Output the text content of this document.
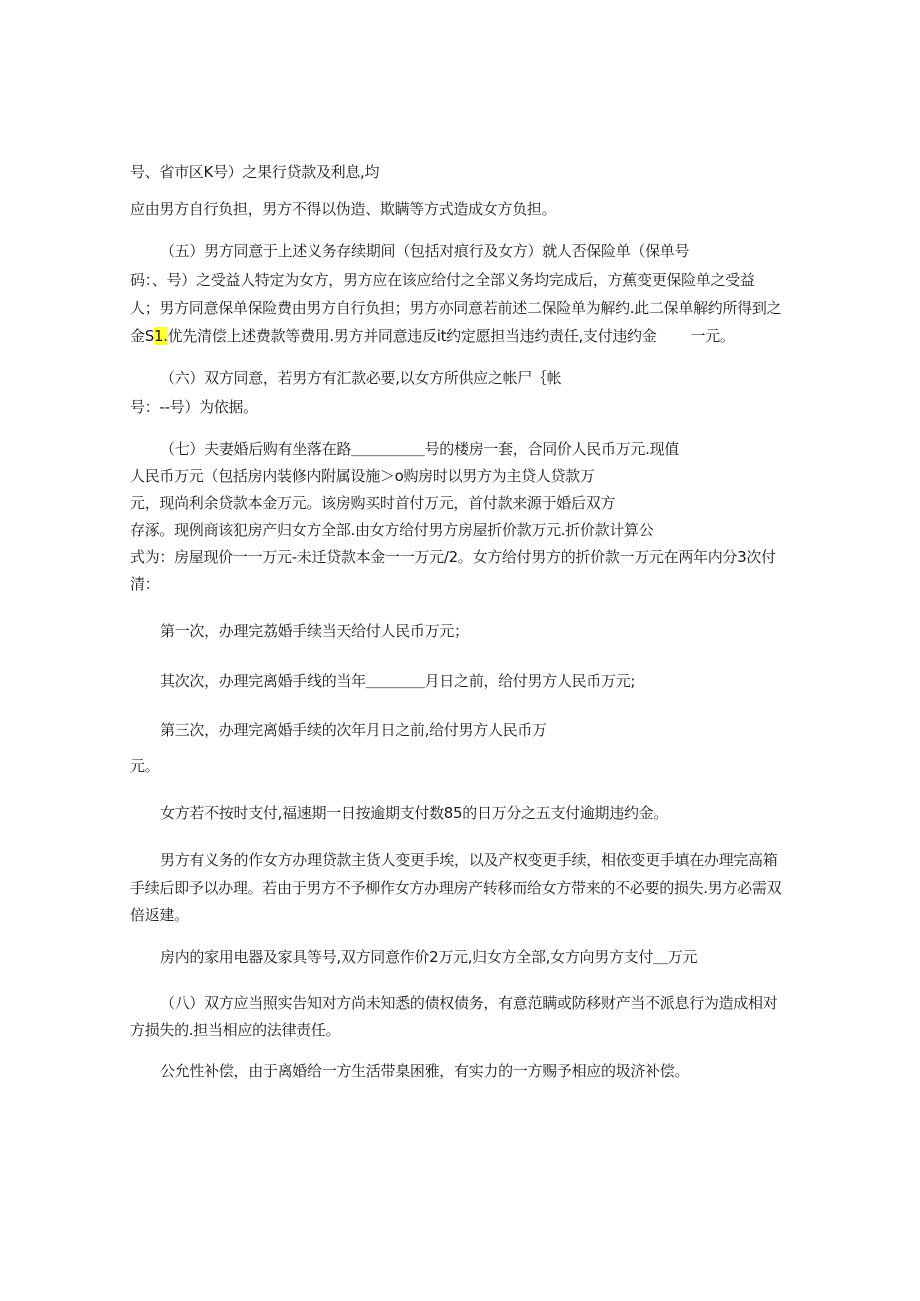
号、省市区K号）之果行贷款及利息,均
应由男方自行负担，男方不得以伪造、欺瞒等方式造成女方负担。
（五）男方同意于上述义务存续期间（包括对痕行及女方）就人否保险单（保单号
码：、号）之受益人特定为女方，男方应在该应给付之全部义务均完成后，方蕉变更保险单之受益
人；男方同意保单保险费由男方自行负担；男方亦同意若前述二保险单为解约.此二保单解约所得到之
金S1.优先清偿上述费款等费用.男方并同意违反it约定愿担当违约责任,支付违约金 一元。
（六）双方同意，若男方有汇款必要,以女方所供应之帐尸｛帐
号：--号）为依据。
（七）夫妻婚后购有坐落在路＿＿＿＿＿号的楼房一套，合同价人民币万元.现值
人民币万元（包括房内装修内附属设施＞o购房时以男方为主贷人贷款万
元，现尚利余贷款本金万元。该房购买时首付万元，首付款来源于婚后双方
存涿。现例商该犯房产归女方全部.由女方给付男方房屋折价款万元.折价款计算公
式为：房屋现价一一万元-未迁贷款本金一一万元/2。女方给付男方的折价款一万元在两年内分3次付
清：
第一次，办理完荔婚手续当天给付人民币万元；
其次次，办理完离婚手线的当年＿＿＿＿月日之前，给付男方人民币万元;
第三次，办理完离婚手续的次年月日之前,给付男方人民币万
元。
女方若不按时支付,福速期一日按逾期支付数85的日万分之五支付逾期违约金。
男方有义务的作女方办理贷款主货人变更手埃，以及产权变更手续，相依变更手填在办理完高箱
手续后即予以办理。若由于男方不予柳作女方办理房产转移而给女方带来的不必要的损失.男方必需双
倍返建。
房内的家用电器及家具等号,双方同意作价2万元,归女方全部,女方向男方支付＿万元
（八）双方应当照实告知对方尚未知悉的债权债务，有意范瞒或防移财产当不派息行为造成相对
方损失的.担当相应的法律责任。
公允性补偿，由于离婚给一方生活带臬困雅，有实力的一方赐予相应的圾济补偿。
